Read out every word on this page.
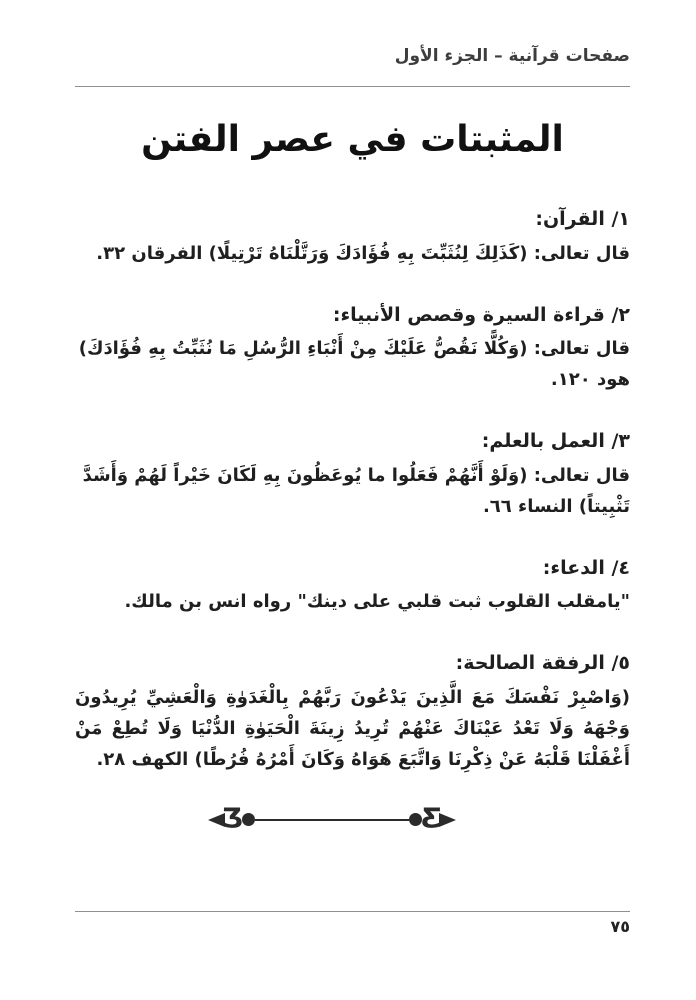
صفحات قرآنية – الجزء الأول
المثبتات في عصر الفتن
١/ القرآن:

قال تعالى: (كَذَلِكَ لِنُثَبِّتَ بِهِ فُؤَادَكَ وَرَتَّلْنَاهُ تَرْتِيلًا) الفرقان ٣٢.

٢/ قراءة السيرة وقصص الأنبياء:

قال تعالى: (وَكُلًّا نَقُصُّ عَلَيْكَ مِنْ أَنْبَاءِ الرُّسُلِ مَا نُثَبِّتُ بِهِ فُؤَادَكَ) هود ١٢٠.

٣/ العمل بالعلم:

قال تعالى: (وَلَوْ أَنَّهُمْ فَعَلُوا ما يُوعَظُونَ بِهِ لَكَانَ خَيْراً لَهُمْ وَأَشَدَّ تَثْبِيتاً) النساء ٦٦.

٤/ الدعاء:

"يامقلب القلوب ثبت قلبي على دينك" رواه انس بن مالك.

٥/ الرفقة الصالحة:

(وَاصْبِرْ نَفْسَكَ مَعَ الَّذِينَ يَدْعُونَ رَبَّهُمْ بِالْغَدَوٰةِ وَالْعَشِيِّ يُرِيدُونَ وَجْهَهُ وَلَا تَعْدُ عَيْنَاكَ عَنْهُمْ تُرِيدُ زِينَةَ الْحَيَوٰةِ الدُّنْيَا وَلَا تُطِعْ مَنْ أَغْفَلْنَا قَلْبَهُ عَنْ ذِكْرِنَا وَاتَّبَعَ هَوَاهُ وَكَانَ أَمْرُهُ فُرُطًا) الكهف ٢٨.

Ʒ	Ʒ
٧٥
